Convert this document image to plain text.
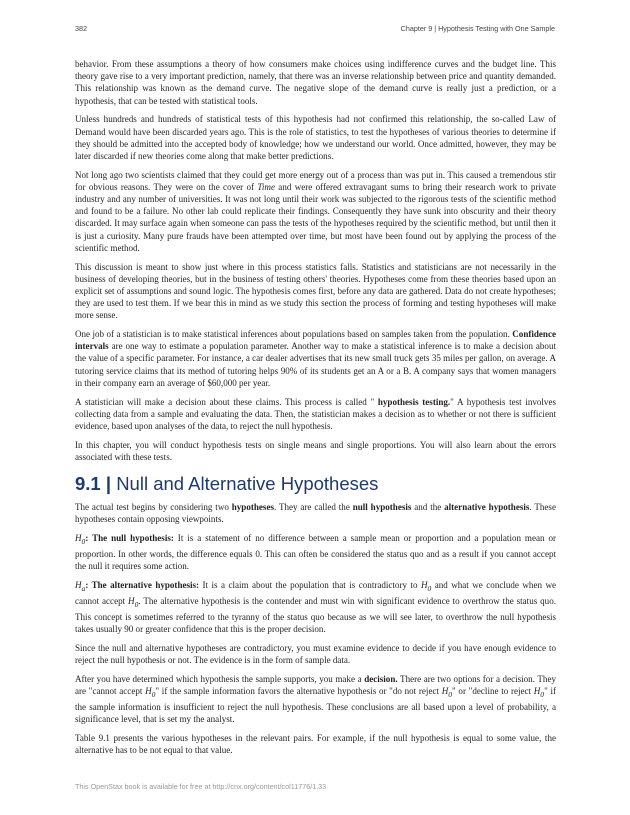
382	Chapter 9 | Hypothesis Testing with One Sample

behavior. From these assumptions a theory of how consumers make choices using indifference curves and the budget line. This theory gave rise to a very important prediction, namely, that there was an inverse relationship between price and quantity demanded. This relationship was known as the demand curve. The negative slope of the demand curve is really just a prediction, or a hypothesis, that can be tested with statistical tools.

Unless hundreds and hundreds of statistical tests of this hypothesis had not confirmed this relationship, the so-called Law of Demand would have been discarded years ago. This is the role of statistics, to test the hypotheses of various theories to determine if they should be admitted into the accepted body of knowledge; how we understand our world. Once admitted, however, they may be later discarded if new theories come along that make better predictions.

Not long ago two scientists claimed that they could get more energy out of a process than was put in. This caused a tremendous stir for obvious reasons. They were on the cover of Time and were offered extravagant sums to bring their research work to private industry and any number of universities. It was not long until their work was subjected to the rigorous tests of the scientific method and found to be a failure. No other lab could replicate their findings. Consequently they have sunk into obscurity and their theory discarded. It may surface again when someone can pass the tests of the hypotheses required by the scientific method, but until then it is just a curiosity. Many pure frauds have been attempted over time, but most have been found out by applying the process of the scientific method.

This discussion is meant to show just where in this process statistics falls. Statistics and statisticians are not necessarily in the business of developing theories, but in the business of testing others' theories. Hypotheses come from these theories based upon an explicit set of assumptions and sound logic. The hypothesis comes first, before any data are gathered. Data do not create hypotheses; they are used to test them. If we bear this in mind as we study this section the process of forming and testing hypotheses will make more sense.

One job of a statistician is to make statistical inferences about populations based on samples taken from the population. Confidence intervals are one way to estimate a population parameter. Another way to make a statistical inference is to make a decision about the value of a specific parameter. For instance, a car dealer advertises that its new small truck gets 35 miles per gallon, on average. A tutoring service claims that its method of tutoring helps 90% of its students get an A or a B. A company says that women managers in their company earn an average of $60,000 per year.

A statistician will make a decision about these claims. This process is called " hypothesis testing." A hypothesis test involves collecting data from a sample and evaluating the data. Then, the statistician makes a decision as to whether or not there is sufficient evidence, based upon analyses of the data, to reject the null hypothesis.

In this chapter, you will conduct hypothesis tests on single means and single proportions. You will also learn about the errors associated with these tests.

9.1 | Null and Alternative Hypotheses

The actual test begins by considering two hypotheses. They are called the null hypothesis and the alternative hypothesis. These hypotheses contain opposing viewpoints.

$H_0$: The null hypothesis: It is a statement of no difference between a sample mean or proportion and a population mean or proportion. In other words, the difference equals 0. This can often be considered the status quo and as a result if you cannot accept the null it requires some action.

$H_a$: The alternative hypothesis: It is a claim about the population that is contradictory to $H_0$ and what we conclude when we cannot accept $H_0$. The alternative hypothesis is the contender and must win with significant evidence to overthrow the status quo. This concept is sometimes referred to the tyranny of the status quo because as we will see later, to overthrow the null hypothesis takes usually 90 or greater confidence that this is the proper decision.

Since the null and alternative hypotheses are contradictory, you must examine evidence to decide if you have enough evidence to reject the null hypothesis or not. The evidence is in the form of sample data.

After you have determined which hypothesis the sample supports, you make a decision. There are two options for a decision. They are "cannot accept $H_0$" if the sample information favors the alternative hypothesis or "do not reject $H_0$" or "decline to reject $H_0$" if the sample information is insufficient to reject the null hypothesis. These conclusions are all based upon a level of probability, a significance level, that is set my the analyst.

Table 9.1 presents the various hypotheses in the relevant pairs. For example, if the null hypothesis is equal to some value, the alternative has to be not equal to that value.

This OpenStax book is available for free at http://cnx.org/content/col11776/1.33
